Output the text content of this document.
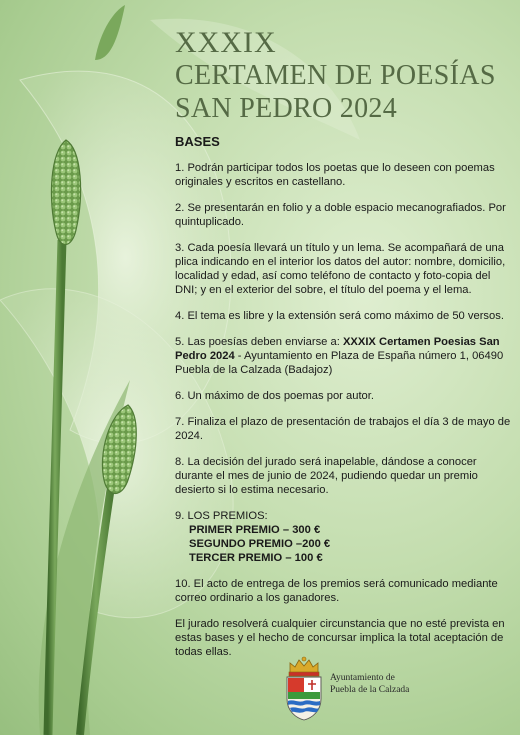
XXXIX
CERTAMEN DE POESÍAS
SAN PEDRO 2024

BASES

1. Podrán participar todos los poetas que lo deseen con poemas originales y escritos en castellano.

2. Se presentarán en folio y a doble espacio mecanografiados. Por quintuplicado.

3. Cada poesía llevará un título y un lema. Se acompañará de una plica indicando en el interior los datos del autor: nombre, domicilio, localidad y edad, así como teléfono de contacto y foto-copia del DNI; y en el exterior del sobre, el título del poema y el lema.

4. El tema es libre y la extensión será como máximo de 50 versos.

5. Las poesías deben enviarse a: XXXIX Certamen Poesias San Pedro 2024 - Ayuntamiento en Plaza de España número 1, 06490 Puebla de la Calzada (Badajoz)

6. Un máximo de dos poemas por autor.

7. Finaliza el plazo de presentación de trabajos el día 3 de mayo de 2024.

8. La decisión del jurado será inapelable, dándose a conocer durante el mes de junio de 2024, pudiendo quedar un premio desierto si lo estima necesario.

9. LOS PREMIOS:
PRIMER PREMIO – 300 €
SEGUNDO PREMIO –200 €
TERCER PREMIO – 100 €

10. El acto de entrega de los premios será comunicado mediante correo ordinario a los ganadores.

El jurado resolverá cualquier circunstancia que no esté prevista en estas bases y el hecho de concursar implica la total aceptación de todas ellas.

Ayuntamiento de
Puebla de la Calzada
